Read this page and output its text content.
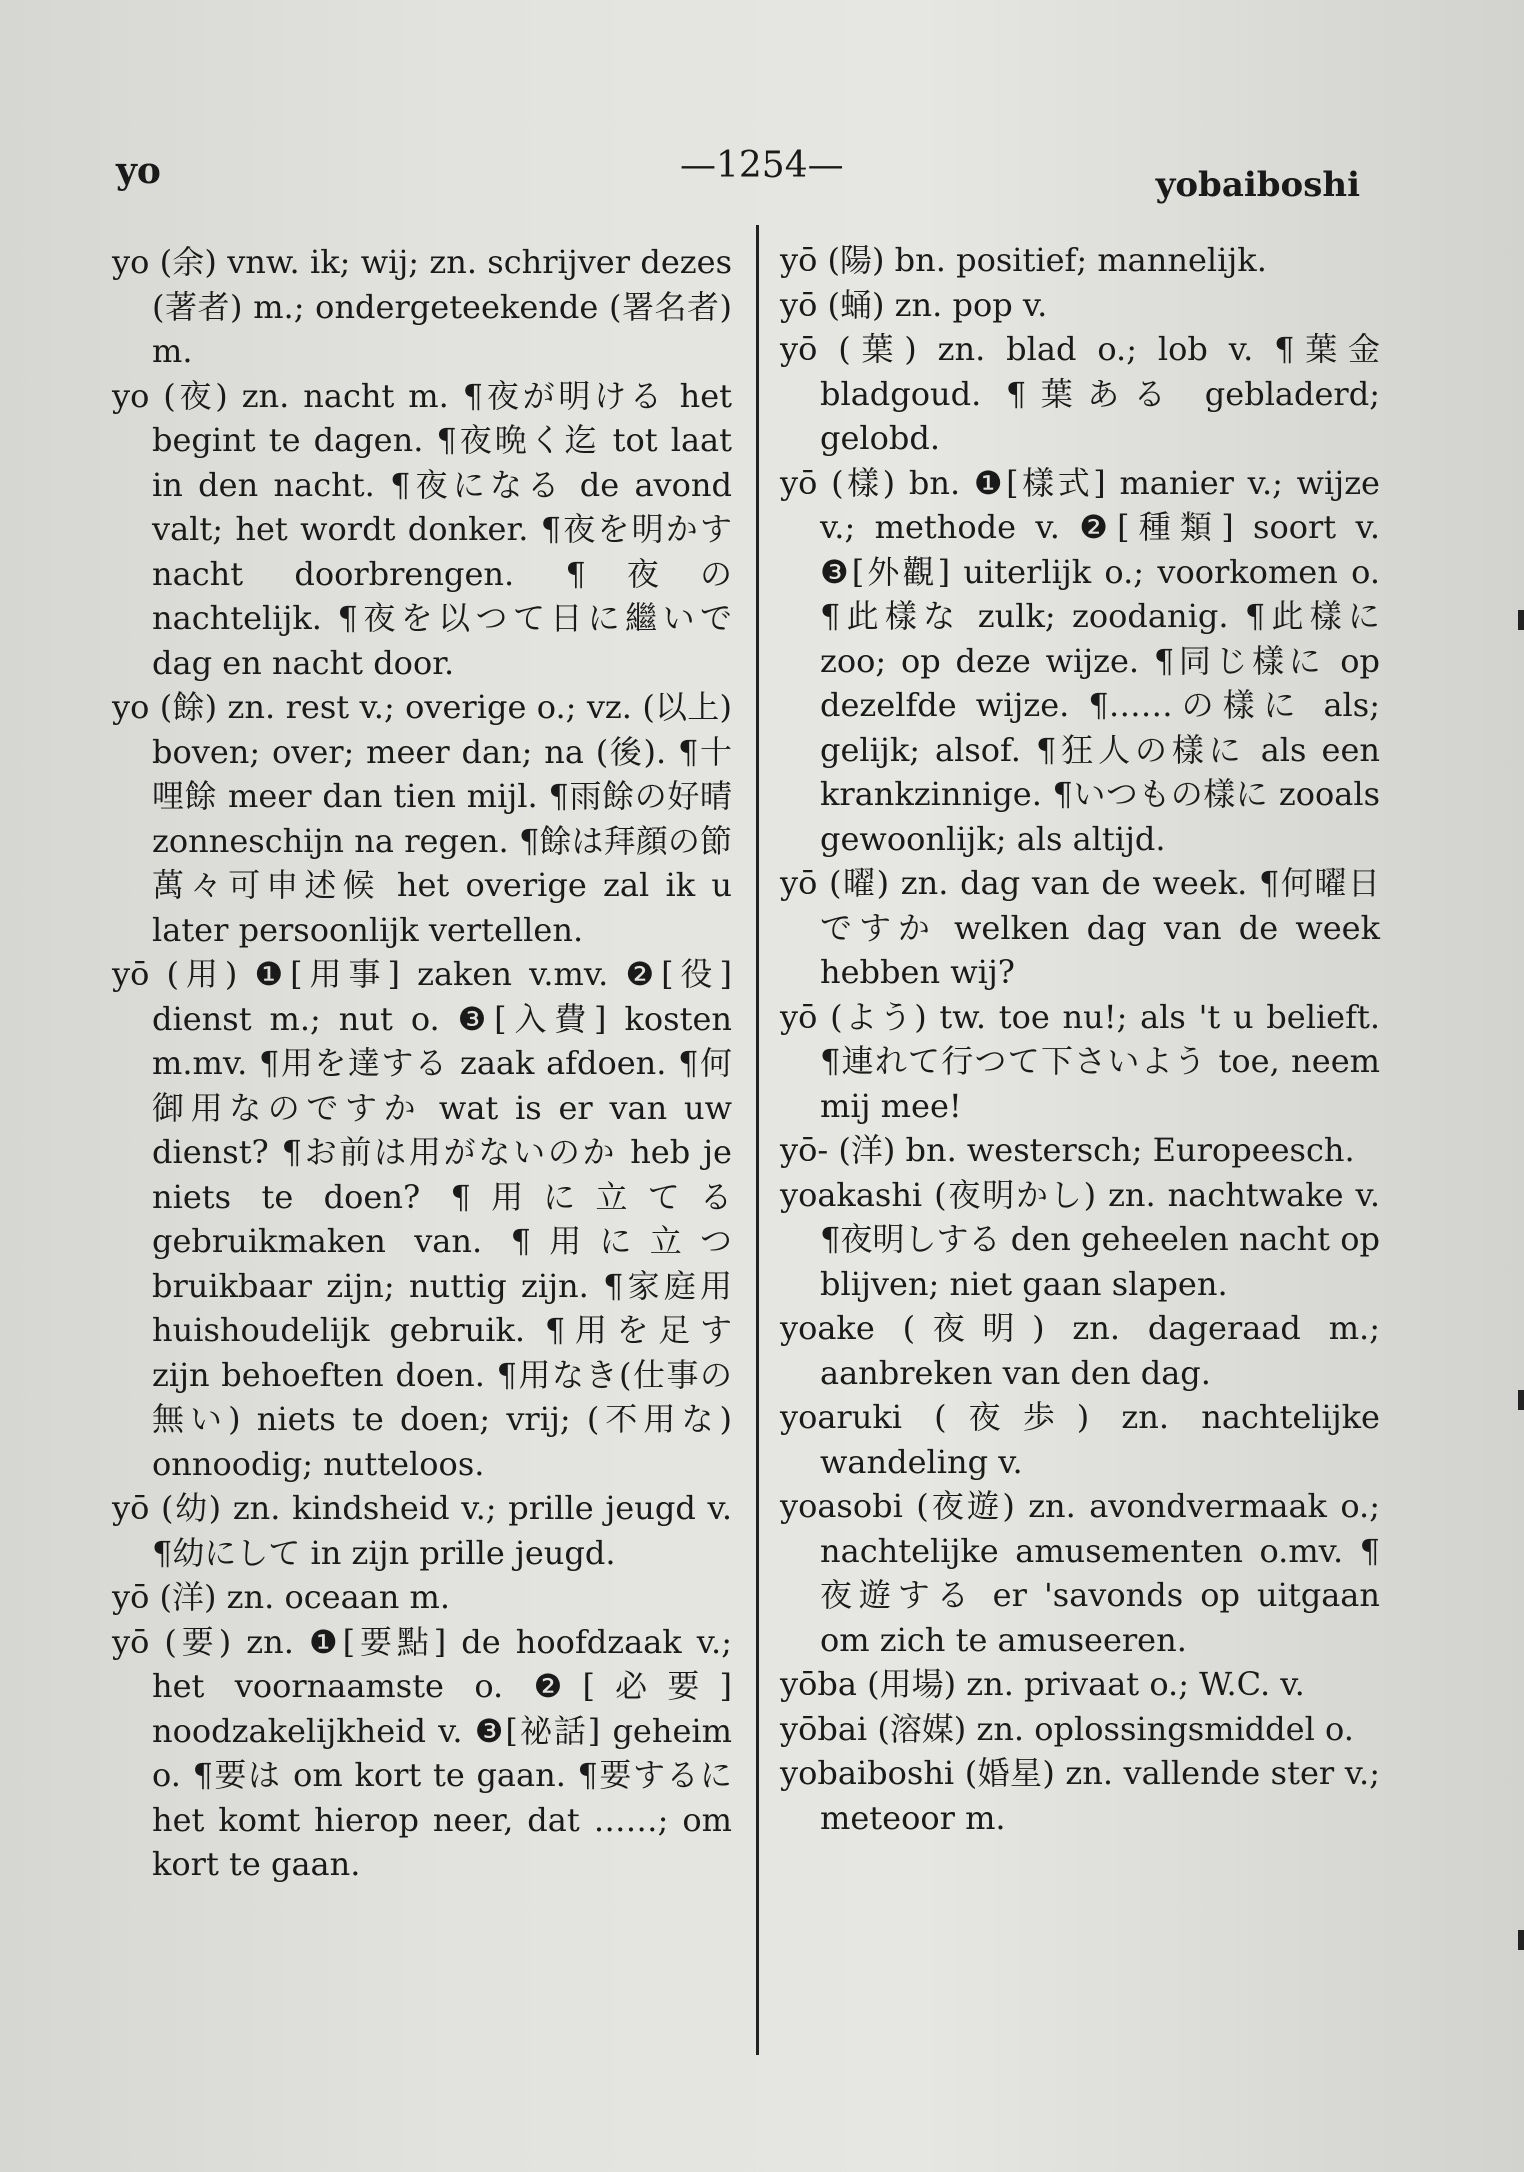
yo	—1254—	yobaiboshi
yo (余) vnw. ik; wij; zn. schrijver dezes (著者) m.; ondergeteekende (署名者) m.
yo (夜) zn. nacht m. ¶夜が明ける het begint te dagen. ¶夜晩く迄 tot laat in den nacht. ¶夜になる de avond valt; het wordt donker. ¶夜を明かす nacht doorbrengen. ¶夜の nachtelijk. ¶夜を以つて日に繼いで dag en nacht door.
yo (餘) zn. rest v.; overige o.; vz. (以上) boven; over; meer dan; na (後). ¶十哩餘 meer dan tien mijl. ¶雨餘の好晴 zonneschijn na regen. ¶餘は拜顔の節萬々可申述候 het overige zal ik u later persoonlijk vertellen.
yō (用) ❶[用事] zaken v.mv. ❷[役] dienst m.; nut o. ❸[入費] kosten m.mv. ¶用を達する zaak afdoen. ¶何御用なのですか wat is er van uw dienst? ¶お前は用がないのか heb je niets te doen? ¶用に立てる gebruikmaken van. ¶用に立つ bruikbaar zijn; nuttig zijn. ¶家庭用 huishoudelijk gebruik. ¶用を足す zijn behoeften doen. ¶用なき(仕事の無い) niets te doen; vrij; (不用な) onnoodig; nutteloos.
yō (幼) zn. kindsheid v.; prille jeugd v. ¶幼にして in zijn prille jeugd.
yō (洋) zn. oceaan m.
yō (要) zn. ❶[要點] de hoofdzaak v.; het voornaamste o. ❷[必要] noodzakelijkheid v. ❸[祕話] geheim o. ¶要は om kort te gaan. ¶要するに het komt hierop neer, dat ……; om kort te gaan.
yō (陽) bn. positief; mannelijk.
yō (蛹) zn. pop v.
yō (葉) zn. blad o.; lob v. ¶葉金 bladgoud. ¶葉ある gebladerd; gelobd.
yō (樣) bn. ❶[樣式] manier v.; wijze v.; methode v. ❷[種類] soort v. ❸[外觀] uiterlijk o.; voorkomen o. ¶此樣な zulk; zoodanig. ¶此樣に zoo; op deze wijze. ¶同じ樣に op dezelfde wijze. ¶……の樣に als; gelijk; alsof. ¶狂人の樣に als een krankzinnige. ¶いつもの樣に zooals gewoonlijk; als altijd.
yō (曜) zn. dag van de week. ¶何曜日ですか welken dag van de week hebben wij?
yō (よう) tw. toe nu!; als 't u belieft. ¶連れて行つて下さいよう toe, neem mij mee!
yō- (洋) bn. westersch; Europeesch.
yoakashi (夜明かし) zn. nachtwake v. ¶夜明しする den geheelen nacht op blijven; niet gaan slapen.
yoake (夜明) zn. dageraad m.; aanbreken van den dag.
yoaruki (夜歩) zn. nachtelijke wandeling v.
yoasobi (夜遊) zn. avondvermaak o.; nachtelijke amusementen o.mv. ¶夜遊する er 'savonds op uitgaan om zich te amuseeren.
yōba (用場) zn. privaat o.; W.C. v.
yōbai (溶媒) zn. oplossingsmiddel o.
yobaiboshi (婚星) zn. vallende ster v.; meteoor m.
